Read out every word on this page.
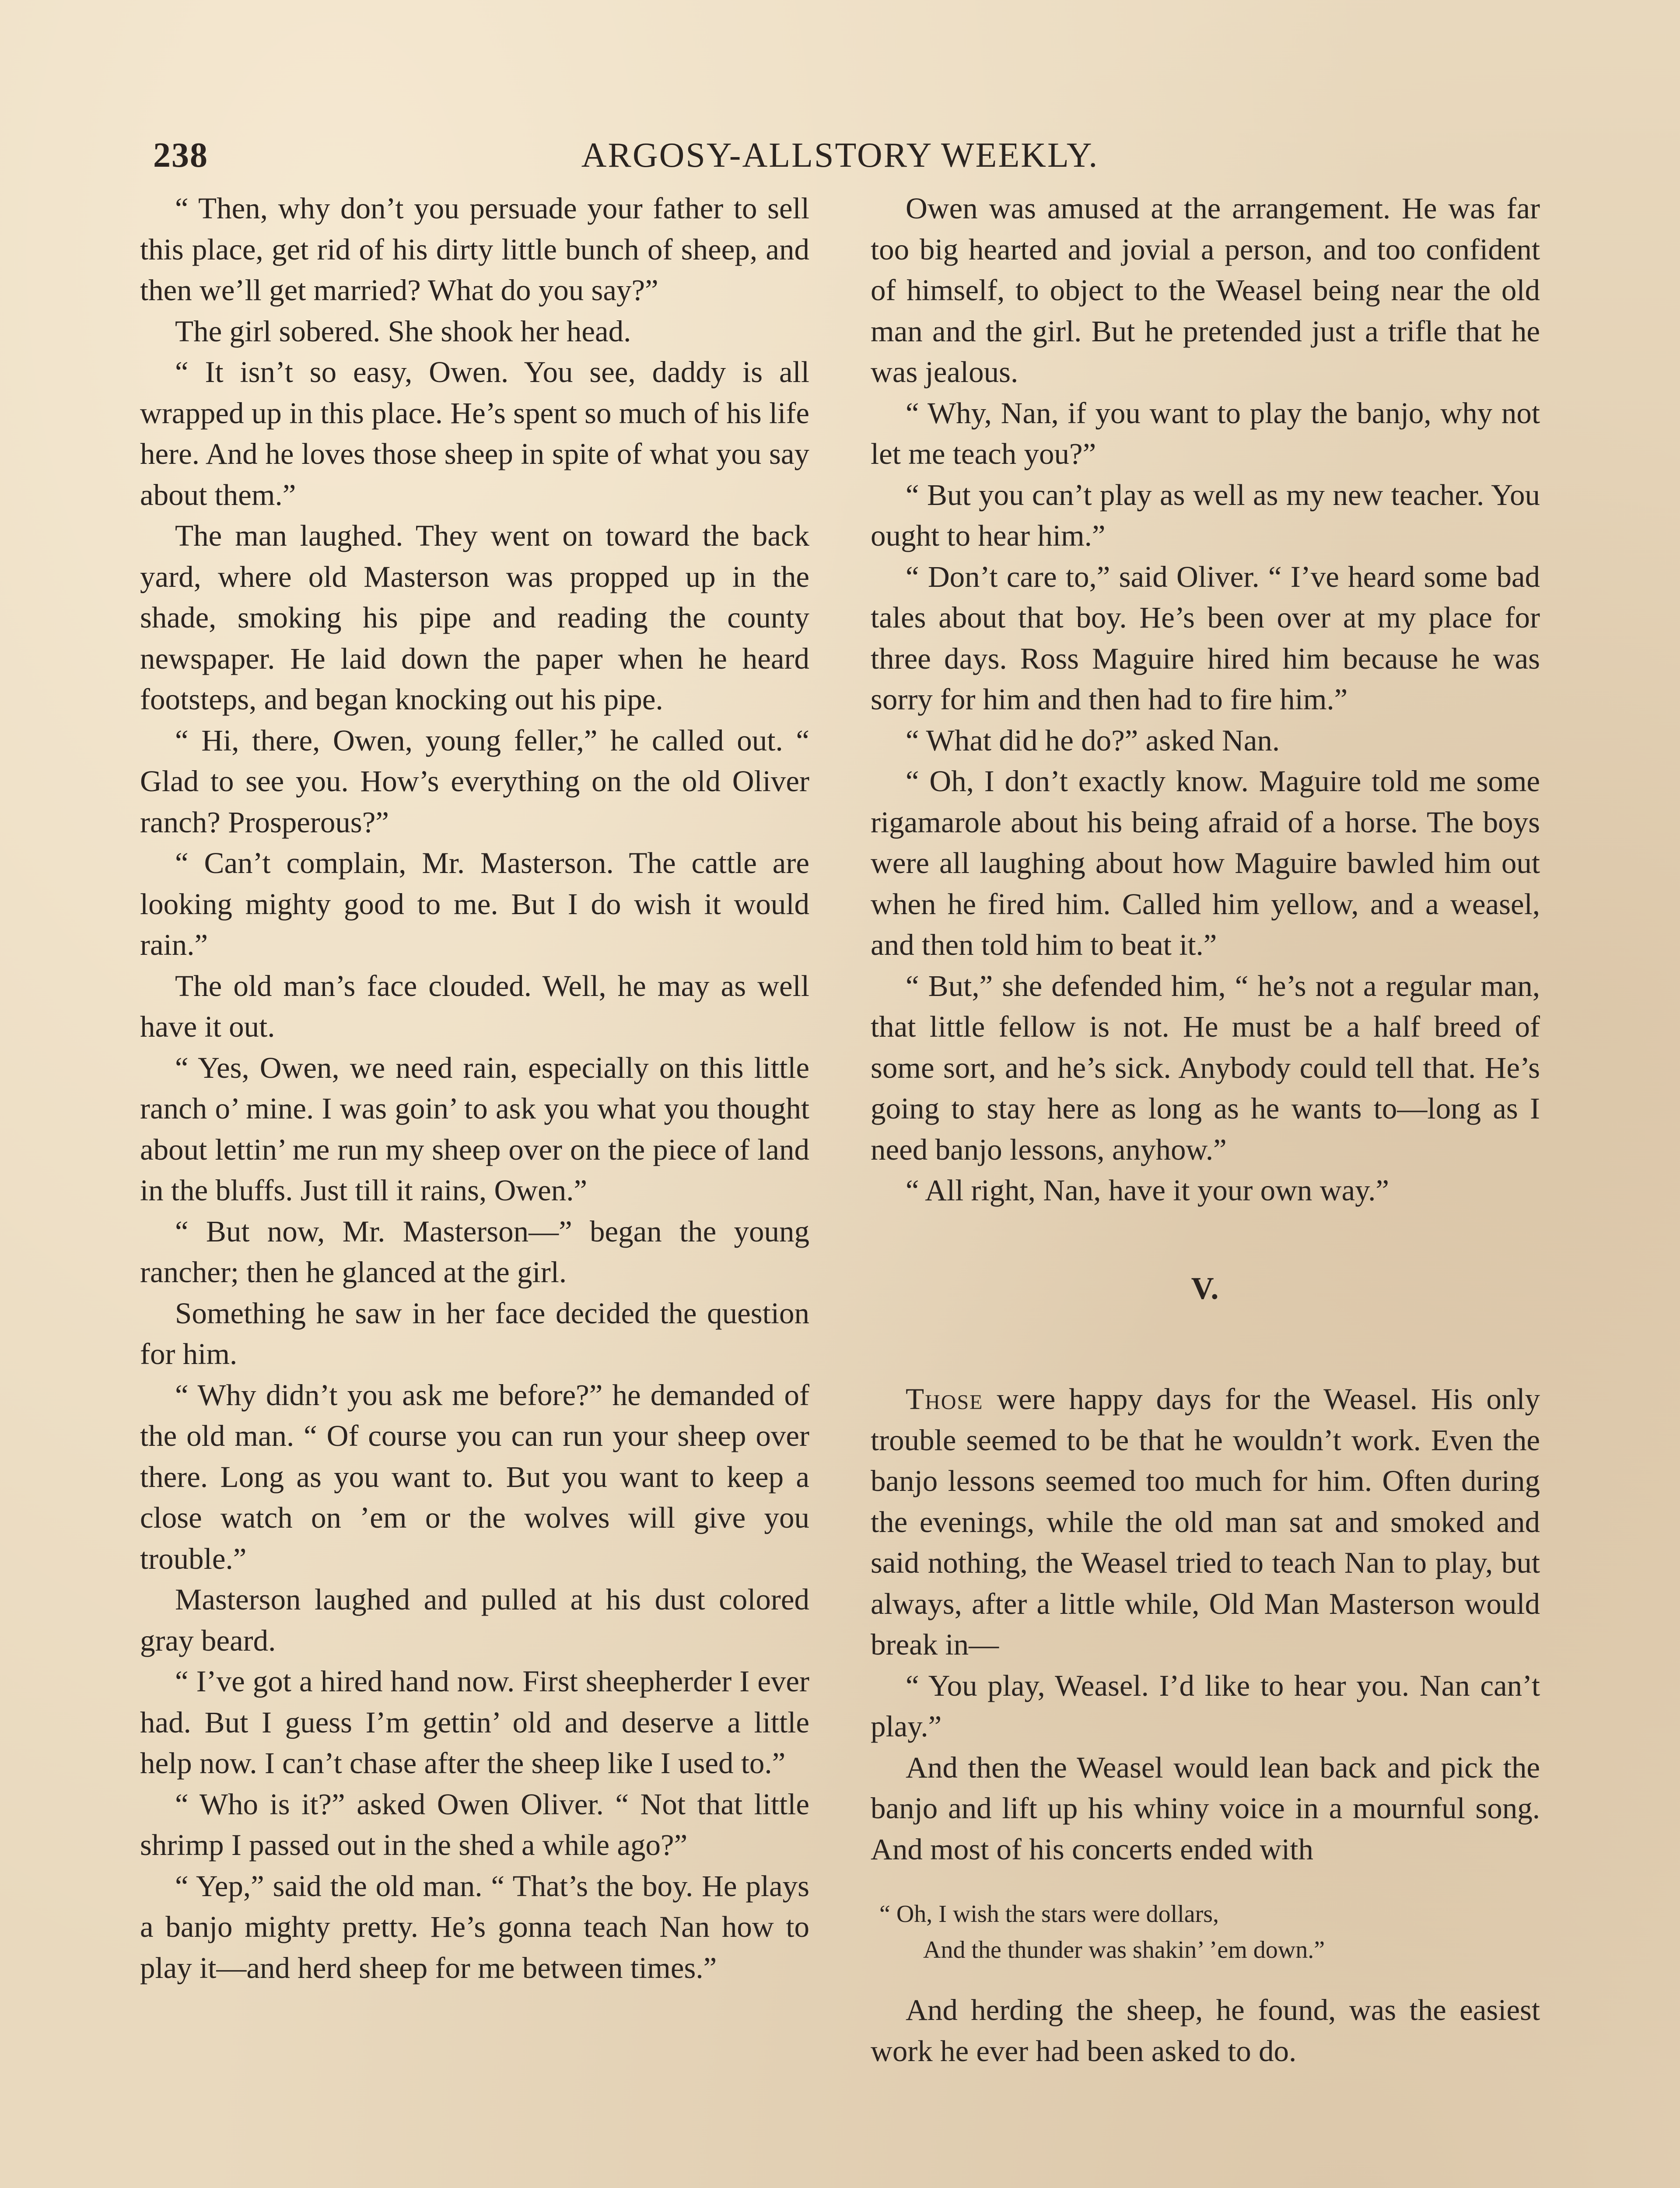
238	ARGOSY-ALLSTORY WEEKLY.

“ Then, why don’t you persuade your father to sell this place, get rid of his dirty little bunch of sheep, and then we’ll get married? What do you say?”

The girl sobered. She shook her head.

“ It isn’t so easy, Owen. You see, daddy is all wrapped up in this place. He’s spent so much of his life here. And he loves those sheep in spite of what you say about them.”

The man laughed. They went on toward the back yard, where old Masterson was propped up in the shade, smoking his pipe and reading the county newspaper. He laid down the paper when he heard footsteps, and began knocking out his pipe.

“ Hi, there, Owen, young feller,” he called out. “ Glad to see you. How’s everything on the old Oliver ranch? Prosperous?”

“ Can’t complain, Mr. Masterson. The cattle are looking mighty good to me. But I do wish it would rain.”

The old man’s face clouded. Well, he may as well have it out.

“ Yes, Owen, we need rain, especially on this little ranch o’ mine. I was goin’ to ask you what you thought about lettin’ me run my sheep over on the piece of land in the bluffs. Just till it rains, Owen.”

“ But now, Mr. Masterson—” began the young rancher; then he glanced at the girl.

Something he saw in her face decided the question for him.

“ Why didn’t you ask me before?” he demanded of the old man. “ Of course you can run your sheep over there. Long as you want to. But you want to keep a close watch on ’em or the wolves will give you trouble.”

Masterson laughed and pulled at his dust colored gray beard.

“ I’ve got a hired hand now. First sheepherder I ever had. But I guess I’m gettin’ old and deserve a little help now. I can’t chase after the sheep like I used to.”

“ Who is it?” asked Owen Oliver. “ Not that little shrimp I passed out in the shed a while ago?”

“ Yep,” said the old man. “ That’s the boy. He plays a banjo mighty pretty. He’s gonna teach Nan how to play it—and herd sheep for me between times.”

Owen was amused at the arrangement. He was far too big hearted and jovial a person, and too confident of himself, to object to the Weasel being near the old man and the girl. But he pretended just a trifle that he was jealous.

“ Why, Nan, if you want to play the banjo, why not let me teach you?”

“ But you can’t play as well as my new teacher. You ought to hear him.”

“ Don’t care to,” said Oliver. “ I’ve heard some bad tales about that boy. He’s been over at my place for three days. Ross Maguire hired him because he was sorry for him and then had to fire him.”

“ What did he do?” asked Nan.

“ Oh, I don’t exactly know. Maguire told me some rigamarole about his being afraid of a horse. The boys were all laughing about how Maguire bawled him out when he fired him. Called him yellow, and a weasel, and then told him to beat it.”

“ But,” she defended him, “ he’s not a regular man, that little fellow is not. He must be a half breed of some sort, and he’s sick. Anybody could tell that. He’s going to stay here as long as he wants to—long as I need banjo lessons, anyhow.”

“ All right, Nan, have it your own way.”

V.

Those were happy days for the Weasel. His only trouble seemed to be that he wouldn’t work. Even the banjo lessons seemed too much for him. Often during the evenings, while the old man sat and smoked and said nothing, the Weasel tried to teach Nan to play, but always, after a little while, Old Man Masterson would break in—

“ You play, Weasel. I’d like to hear you. Nan can’t play.”

And then the Weasel would lean back and pick the banjo and lift up his whiny voice in a mournful song. And most of his concerts ended with

“ Oh, I wish the stars were dollars,
And the thunder was shakin’ ’em down.”

And herding the sheep, he found, was the easiest work he ever had been asked to do.
